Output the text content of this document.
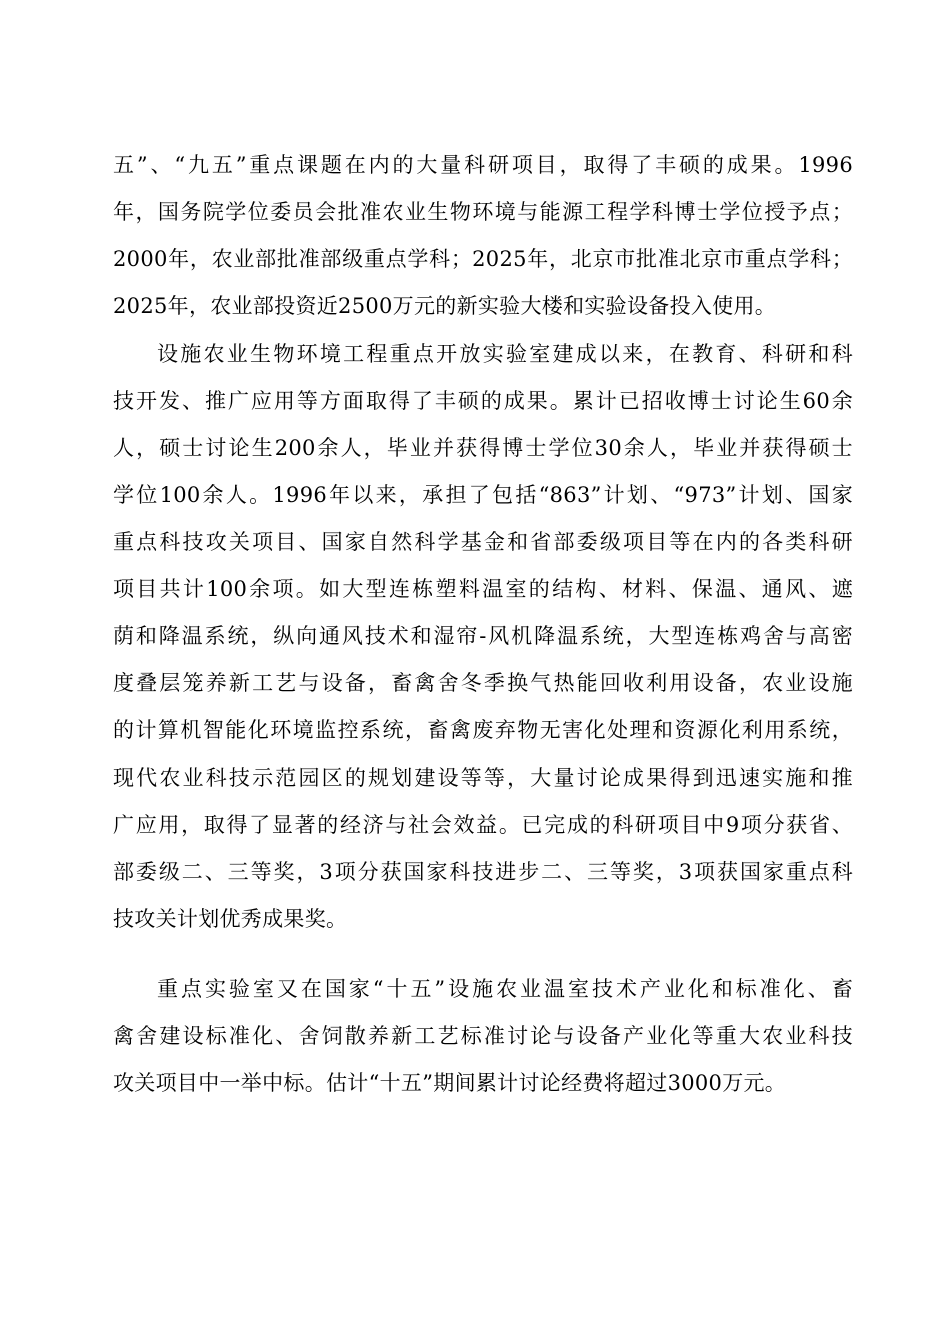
五”、“九五”重点课题在内的大量科研项目，取得了丰硕的成果。1996
年，国务院学位委员会批准农业生物环境与能源工程学科博士学位授予点；
2000年，农业部批准部级重点学科；2025年，北京市批准北京市重点学科；
2025年，农业部投资近2500万元的新实验大楼和实验设备投入使用。
设施农业生物环境工程重点开放实验室建成以来，在教育、科研和科
技开发、推广应用等方面取得了丰硕的成果。累计已招收博士讨论生60余
人，硕士讨论生200余人，毕业并获得博士学位30余人，毕业并获得硕士
学位100余人。1996年以来，承担了包括“863”计划、“973”计划、国家
重点科技攻关项目、国家自然科学基金和省部委级项目等在内的各类科研
项目共计100余项。如大型连栋塑料温室的结构、材料、保温、通风、遮
荫和降温系统，纵向通风技术和湿帘-风机降温系统，大型连栋鸡舍与高密
度叠层笼养新工艺与设备，畜禽舍冬季换气热能回收利用设备，农业设施
的计算机智能化环境监控系统，畜禽废弃物无害化处理和资源化利用系统，
现代农业科技示范园区的规划建设等等，大量讨论成果得到迅速实施和推
广应用，取得了显著的经济与社会效益。已完成的科研项目中9项分获省、
部委级二、三等奖，3项分获国家科技进步二、三等奖，3项获国家重点科
技攻关计划优秀成果奖。
重点实验室又在国家“十五”设施农业温室技术产业化和标准化、畜
禽舍建设标准化、舍饲散养新工艺标准讨论与设备产业化等重大农业科技
攻关项目中一举中标。估计“十五”期间累计讨论经费将超过3000万元。
